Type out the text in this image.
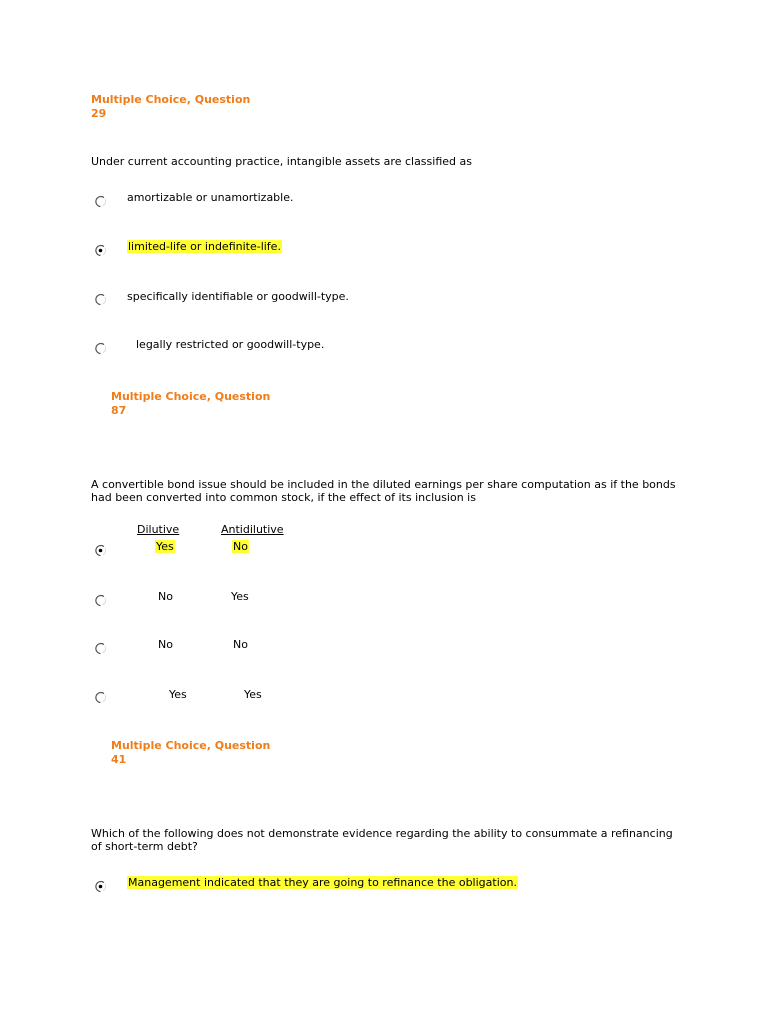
Multiple Choice, Question
29
Under current accounting practice, intangible assets are classified as
amortizable or unamortizable.
limited-life or indefinite-life.
specifically identifiable or goodwill-type.
legally restricted or goodwill-type.
Multiple Choice, Question
87
A convertible bond issue should be included in the diluted earnings per share computation as if the bonds had been converted into common stock, if the effect of its inclusion is
Dilutive	Antidilutive
Yes	No
No	Yes
No	No
Yes	Yes
Multiple Choice, Question
41
Which of the following does not demonstrate evidence regarding the ability to consummate a refinancing of short-term debt?
Management indicated that they are going to refinance the obligation.
